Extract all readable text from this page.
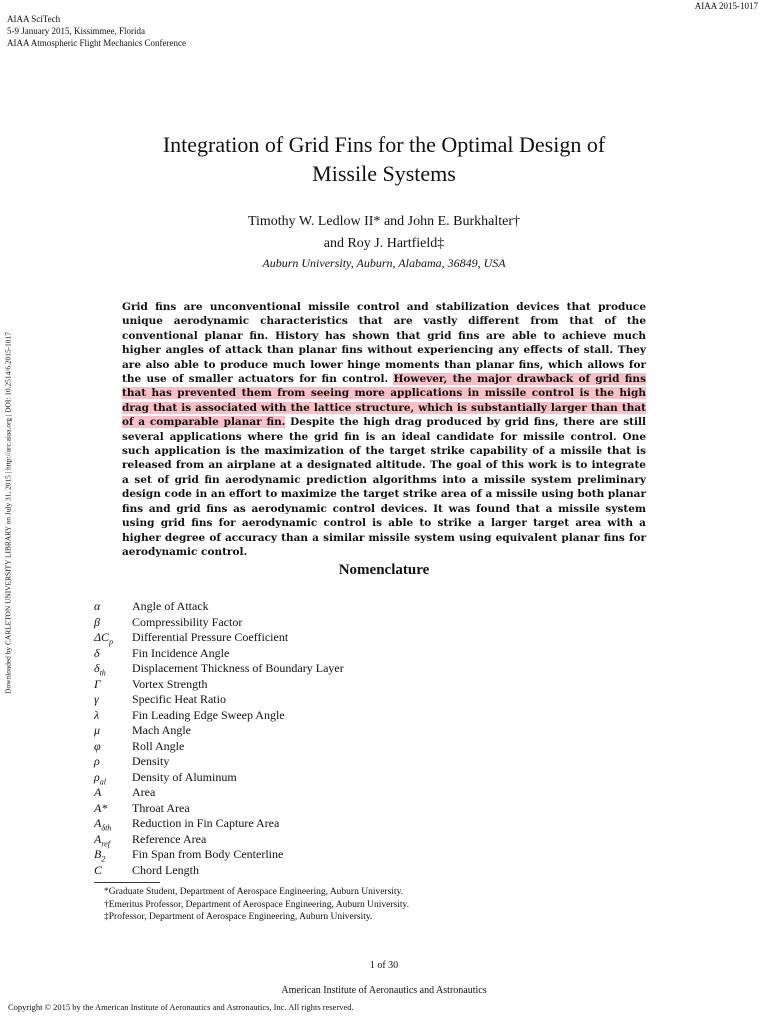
AIAA 2015-1017
AIAA SciTech
5-9 January 2015, Kissimmee, Florida
AIAA Atmospheric Flight Mechanics Conference
Downloaded by CARLETON UNIVERSITY LIBRARY on July 31, 2015 | http://arc.aiaa.org | DOI: 10.2514/6.2015-1017
Integration of Grid Fins for the Optimal Design of
Missile Systems
Timothy W. Ledlow II* and John E. Burkhalter†
and Roy J. Hartfield‡
Auburn University, Auburn, Alabama, 36849, USA
Grid fins are unconventional missile control and stabilization devices that produce unique aerodynamic characteristics that are vastly different from that of the conventional planar fin. History has shown that grid fins are able to achieve much higher angles of attack than planar fins without experiencing any effects of stall. They are also able to produce much lower hinge moments than planar fins, which allows for the use of smaller actuators for fin control. However, the major drawback of grid fins that has prevented them from seeing more applications in missile control is the high drag that is associated with the lattice structure, which is substantially larger than that of a comparable planar fin. Despite the high drag produced by grid fins, there are still several applications where the grid fin is an ideal candidate for missile control. One such application is the maximization of the target strike capability of a missile that is released from an airplane at a designated altitude. The goal of this work is to integrate a set of grid fin aerodynamic prediction algorithms into a missile system preliminary design code in an effort to maximize the target strike area of a missile using both planar fins and grid fins as aerodynamic control devices. It was found that a missile system using grid fins for aerodynamic control is able to strike a larger target area with a higher degree of accuracy than a similar missile system using equivalent planar fins for aerodynamic control.
Nomenclature
α	Angle of Attack
β	Compressibility Factor
$\Delta C_p$	Differential Pressure Coefficient
δ	Fin Incidence Angle
$\delta_{th}$	Displacement Thickness of Boundary Layer
Γ	Vortex Strength
γ	Specific Heat Ratio
λ	Fin Leading Edge Sweep Angle
μ	Mach Angle
φ	Roll Angle
ρ	Density
$\rho_{al}$	Density of Aluminum
A	Area
A*	Throat Area
$A_{\delta th}$	Reduction in Fin Capture Area
$A_{ref}$	Reference Area
$B_2$	Fin Span from Body Centerline
C	Chord Length
*Graduate Student, Department of Aerospace Engineering, Auburn University.
†Emeritus Professor, Department of Aerospace Engineering, Auburn University.
‡Professor, Department of Aerospace Engineering, Auburn University.
1 of 30
American Institute of Aeronautics and Astronautics
Copyright © 2015 by the American Institute of Aeronautics and Astronautics, Inc. All rights reserved.
